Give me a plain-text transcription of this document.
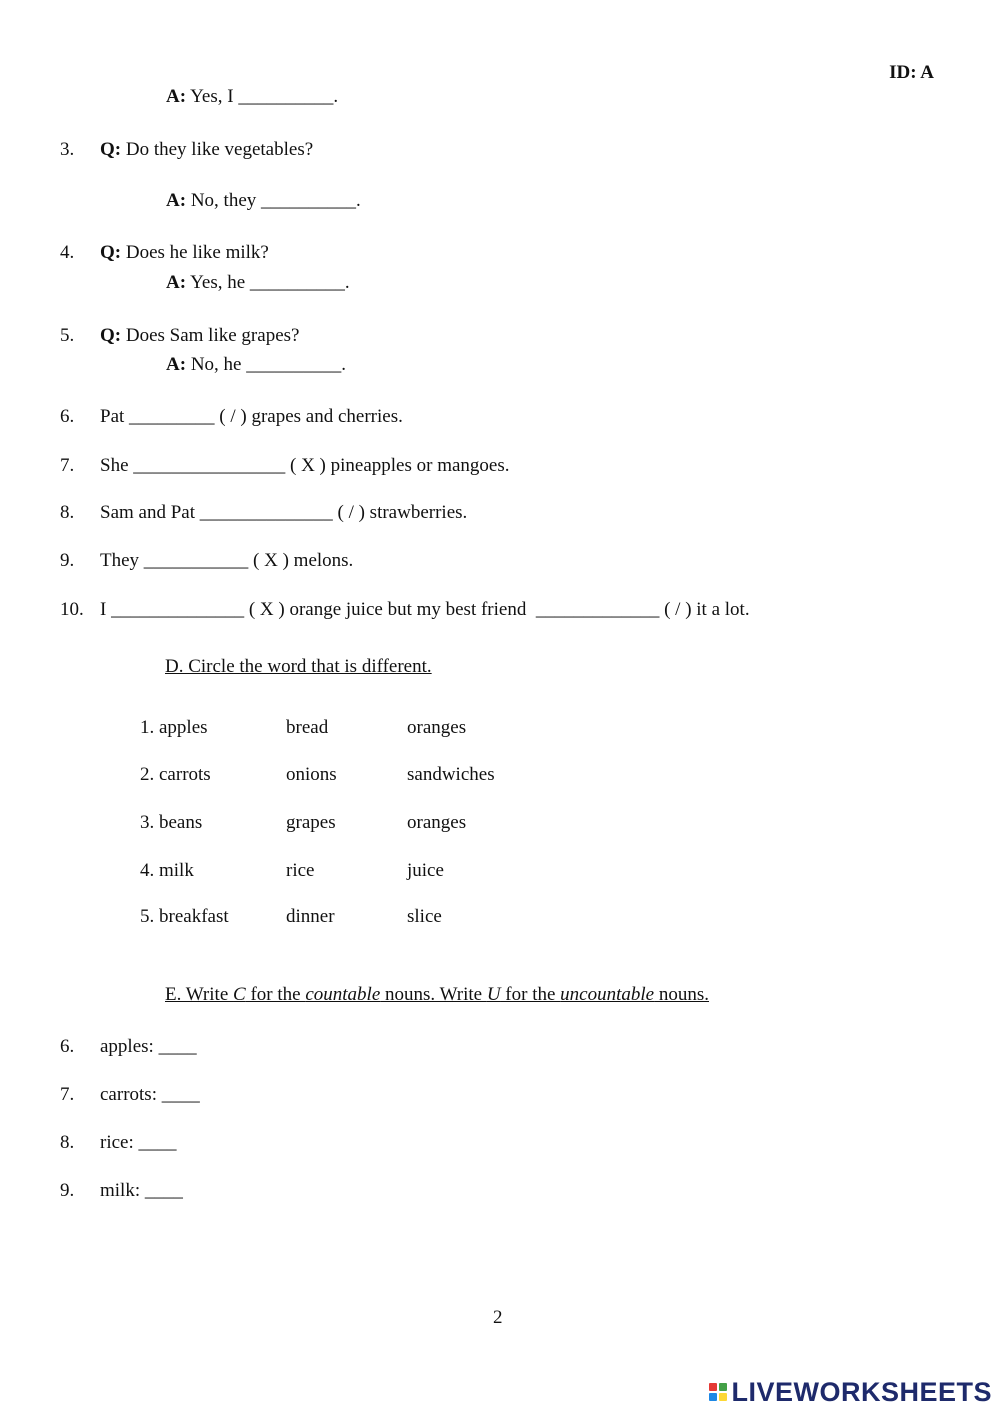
ID: A
A: Yes, I __________.
3. Q: Do they like vegetables?
A: No, they __________.
4. Q: Does he like milk?
A: Yes, he __________.
5. Q: Does Sam like grapes?
A: No, he __________.
6. Pat _________ ( / ) grapes and cherries.
7. She ________________ ( X ) pineapples or mangoes.
8. Sam and Pat ______________ ( / ) strawberries.
9. They ___________ ( X ) melons.
10. I ______________ ( X ) orange juice but my best friend  _____________ ( / ) it a lot.
D. Circle the word that is different.
1. apples	bread	oranges
2. carrots	onions	sandwiches
3. beans	grapes	oranges
4. milk	rice	juice
5. breakfast	dinner	slice
E. Write C for the countable nouns. Write U for the uncountable nouns.
6. apples: ____
7. carrots: ____
8. rice: ____
9. milk: ____
2
LIVEWORKSHEETS
